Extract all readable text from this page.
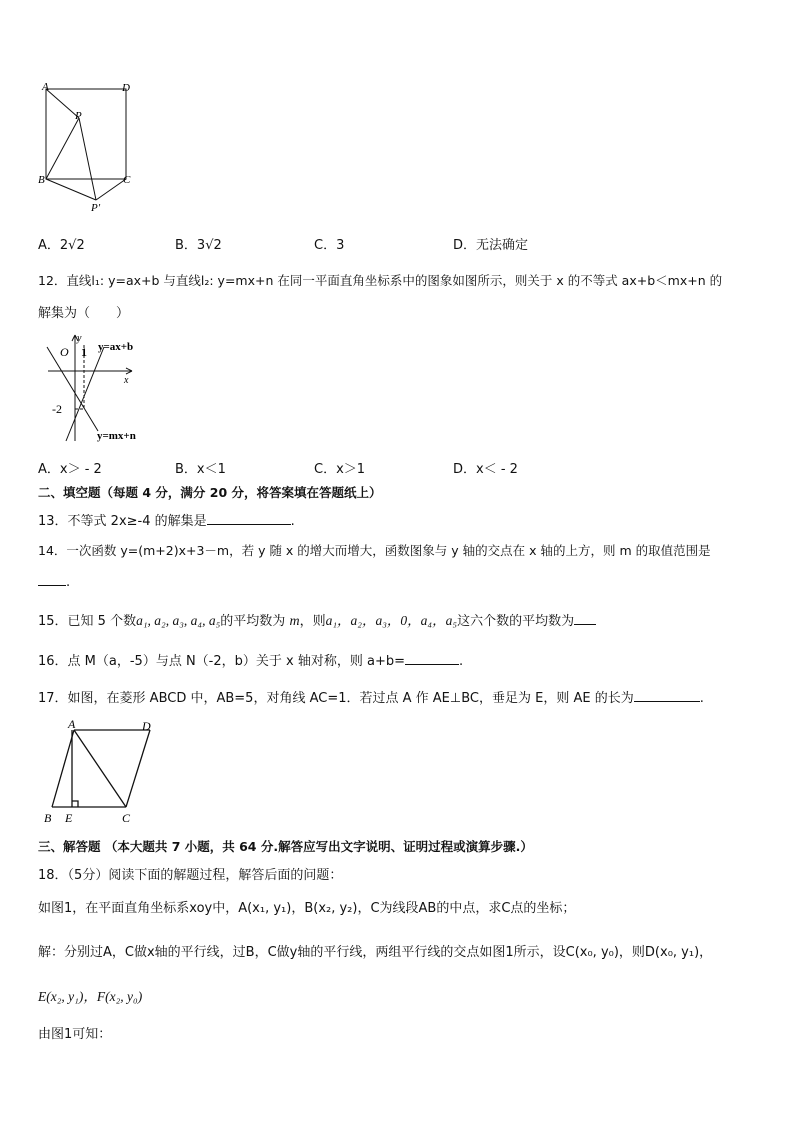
A	D
P
B	C
P′
A．2√2	B．3√2	C．3	D．无法确定
12．直线l₁: y=ax+b 与直线l₂: y=mx+n 在同一平面直角坐标系中的图象如图所示，则关于 x 的不等式 ax+b＜mx+n 的
解集为（　　）
y
x
O 1
-2
y=ax+b
y=mx+n
A．x＞ - 2	B．x＜1	C．x＞1	D．x＜ - 2
二、填空题（每题 4 分，满分 20 分，将答案填在答题纸上）
13．不等式 2x≥-4 的解集是	.
14．一次函数 y=(m+2)x+3－m，若 y 随 x 的增大而增大，函数图象与 y 轴的交点在 x 轴的上方，则 m 的取值范围是
.
15．已知 5 个数a₁, a₂, a₃, a₄, a₅的平均数为 m，则a₁，a₂，a₃，0，a₄，a₅这六个数的平均数为
16．点 M（a，-5）与点 N（-2，b）关于 x 轴对称，则 a+b=	.
17．如图，在菱形 ABCD 中，AB=5，对角线 AC=1．若过点 A 作 AE⊥BC，垂足为 E，则 AE 的长为	.
A	D
B E	C
三、解答题 （本大题共 7 小题，共 64 分.解答应写出文字说明、证明过程或演算步骤.）
18．（5分）阅读下面的解题过程，解答后面的问题：
如图1，在平面直角坐标系xoy中，A(x₁, y₁)，B(x₂, y₂)，C为线段AB的中点，求C点的坐标；
解：分别过A，C做x轴的平行线，过B，C做y轴的平行线，两组平行线的交点如图1所示，设C(x₀, y₀)，则D(x₀, y₁)，
E(x₂, y₁)，F(x₂, y₀)
由图1可知：
